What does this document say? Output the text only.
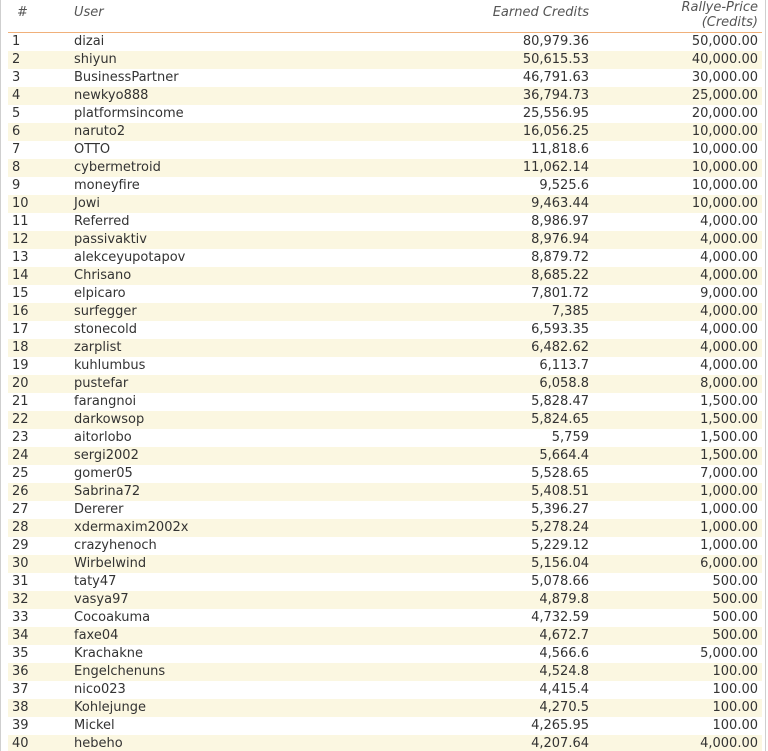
#	User	Earned Credits	Rallye-Price
(Credits)

1	dizai	80,979.36	50,000.00
2	shiyun	50,615.53	40,000.00
3	BusinessPartner	46,791.63	30,000.00
4	newkyo888	36,794.73	25,000.00
5	platformsincome	25,556.95	20,000.00
6	naruto2	16,056.25	10,000.00
7	OTTO	11,818.6	10,000.00
8	cybermetroid	11,062.14	10,000.00
9	moneyfire	9,525.6	10,000.00
10	Jowi	9,463.44	10,000.00
11	Referred	8,986.97	4,000.00
12	passivaktiv	8,976.94	4,000.00
13	alekceyupotapov	8,879.72	4,000.00
14	Chrisano	8,685.22	4,000.00
15	elpicaro	7,801.72	9,000.00
16	surfegger	7,385	4,000.00
17	stonecold	6,593.35	4,000.00
18	zarplist	6,482.62	4,000.00
19	kuhlumbus	6,113.7	4,000.00
20	pustefar	6,058.8	8,000.00
21	farangnoi	5,828.47	1,500.00
22	darkowsop	5,824.65	1,500.00
23	aitorlobo	5,759	1,500.00
24	sergi2002	5,664.4	1,500.00
25	gomer05	5,528.65	7,000.00
26	Sabrina72	5,408.51	1,000.00
27	Dererer	5,396.27	1,000.00
28	xdermaxim2002x	5,278.24	1,000.00
29	crazyhenoch	5,229.12	1,000.00
30	Wirbelwind	5,156.04	6,000.00
31	taty47	5,078.66	500.00
32	vasya97	4,879.8	500.00
33	Cocoakuma	4,732.59	500.00
34	faxe04	4,672.7	500.00
35	Krachakne	4,566.6	5,000.00
36	Engelchenuns	4,524.8	100.00
37	nico023	4,415.4	100.00
38	Kohlejunge	4,270.5	100.00
39	Mickel	4,265.95	100.00
40	hebeho	4,207.64	4,000.00
